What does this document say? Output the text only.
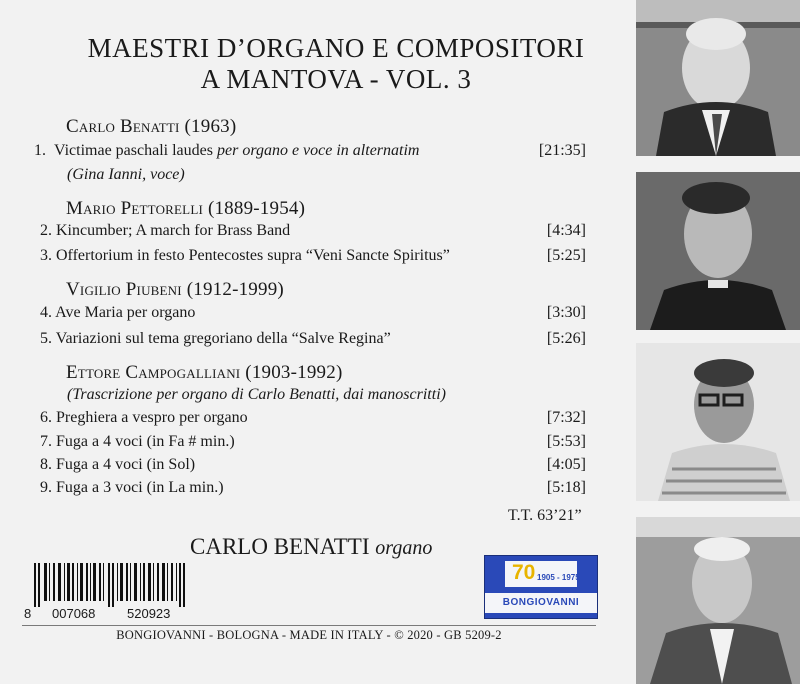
MAESTRI D’ORGANO E COMPOSITORI
A MANTOVA - VOL. 3
Carlo Benatti (1963)
1. Victimae paschali laudes per organo e voce in alternatim	[21:35]
(Gina Ianni, voce)
Mario Pettorelli (1889-1954)
2. Kincumber; A march for Brass Band	[4:34]
3. Offertorium in festo Pentecostes supra “Veni Sancte Spiritus”	[5:25]
Vigilio Piubeni (1912-1999)
4. Ave Maria per organo	[3:30]
5. Variazioni sul tema gregoriano della “Salve Regina”	[5:26]
Ettore Campogalliani (1903-1992)
(Trascrizione per organo di Carlo Benatti, dai manoscritti)
6. Preghiera a vespro per organo	[7:32]
7. Fuga a 4 voci (in Fa # min.)	[5:53]
8. Fuga a 4 voci (in Sol)	[4:05]
9. Fuga a 3 voci (in La min.)	[5:18]
T.T. 63’21”
CARLO BENATTI organo
8 007068 520923
70 1905 - 1975
BONGIOVANNI
BONGIOVANNI - BOLOGNA - MADE IN ITALY - © 2020 - GB 5209-2
